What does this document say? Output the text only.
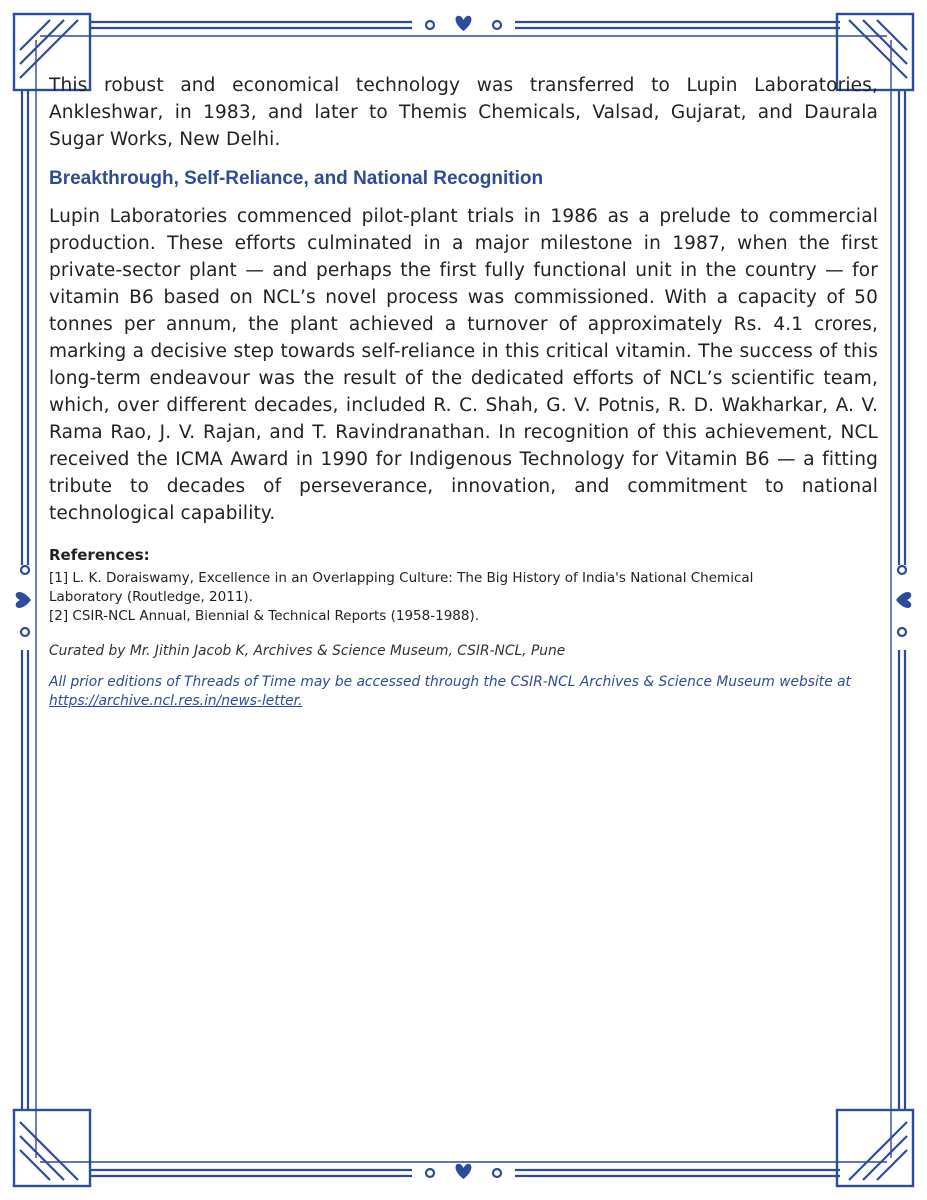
This robust and economical technology was transferred to Lupin Laboratories, Ankleshwar, in 1983, and later to Themis Chemicals, Valsad, Gujarat, and Daurala Sugar Works, New Delhi.

Breakthrough, Self-Reliance, and National Recognition

Lupin Laboratories commenced pilot-plant trials in 1986 as a prelude to commercial production. These efforts culminated in a major milestone in 1987, when the first private-sector plant — and perhaps the first fully functional unit in the country — for vitamin B6 based on NCL’s novel process was commissioned. With a capacity of 50 tonnes per annum, the plant achieved a turnover of approximately Rs. 4.1 crores, marking a decisive step towards self-reliance in this critical vitamin. The success of this long-term endeavour was the result of the dedicated efforts of NCL’s scientific team, which, over different decades, included R. C. Shah, G. V. Potnis, R. D. Wakharkar, A. V. Rama Rao, J. V. Rajan, and T. Ravindranathan. In recognition of this achievement, NCL received the ICMA Award in 1990 for Indigenous Technology for Vitamin B6 — a fitting tribute to decades of perseverance, innovation, and commitment to national technological capability.

References:
[1] L. K. Doraiswamy, Excellence in an Overlapping Culture: The Big History of India's National Chemical Laboratory (Routledge, 2011).
[2] CSIR-NCL Annual, Biennial & Technical Reports (1958-1988).
Curated by Mr. Jithin Jacob K, Archives & Science Museum, CSIR-NCL, Pune
All prior editions of Threads of Time may be accessed through the CSIR-NCL Archives & Science Museum website at https://archive.ncl.res.in/news-letter.
